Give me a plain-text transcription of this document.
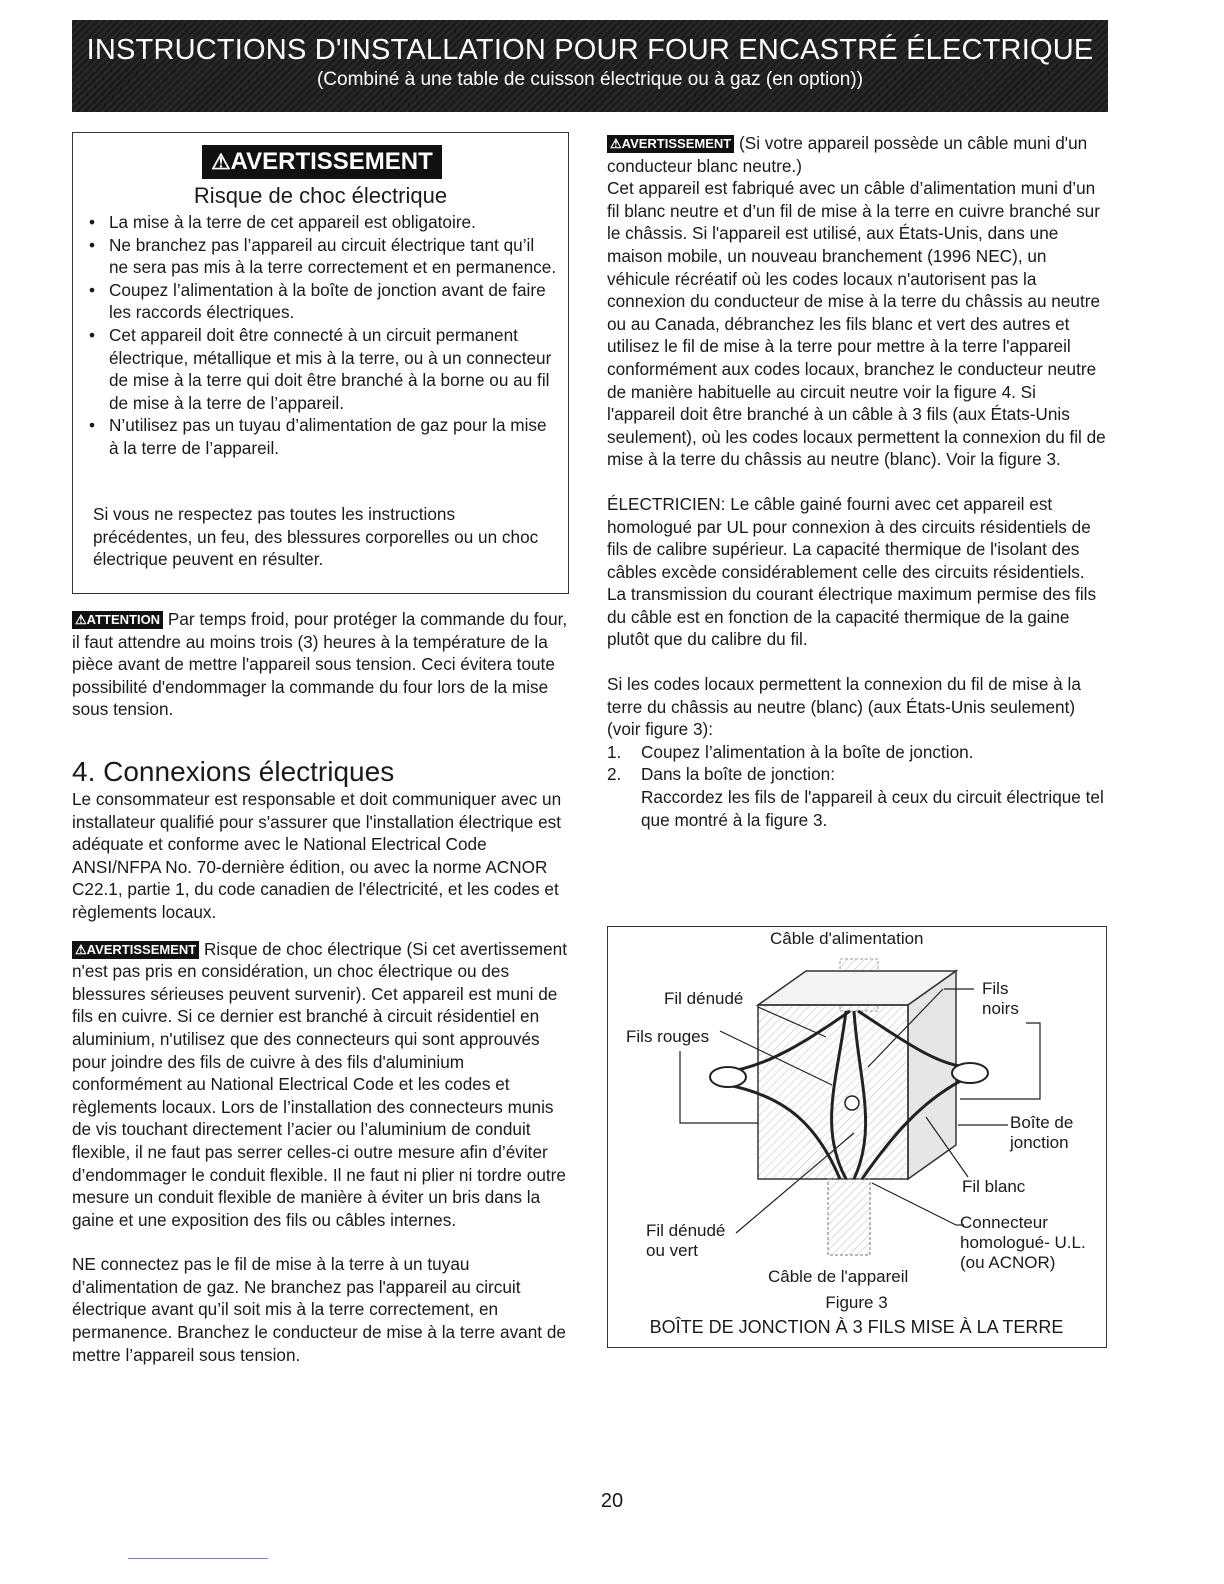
INSTRUCTIONS D'INSTALLATION POUR FOUR ENCASTRÉ ÉLECTRIQUE
(Combiné à une table de cuisson électrique ou à gaz (en option))
⚠AVERTISSEMENT
Risque de choc électrique
• La mise à la terre de cet appareil est obligatoire.
• Ne branchez pas l’appareil au circuit électrique tant qu’il ne sera pas mis à la terre correctement et en permanence.
• Coupez l’alimentation à la boîte de jonction avant de faire les raccords électriques.
• Cet appareil doit être connecté à un circuit permanent électrique, métallique et mis à la terre, ou à un connecteur de mise à la terre qui doit être branché à la borne ou au fil de mise à la terre de l’appareil.
• N’utilisez pas un tuyau d’alimentation de gaz pour la mise à la terre de l’appareil.

Si vous ne respectez pas toutes les instructions précédentes, un feu, des blessures corporelles ou un choc électrique peuvent en résulter.

⚠ATTENTION Par temps froid, pour protéger la commande du four, il faut attendre au moins trois (3) heures à la température de la pièce avant de mettre l'appareil sous tension. Ceci évitera toute possibilité d'endommager la commande du four lors de la mise sous tension.
4. Connexions électriques

Le consommateur est responsable et doit communiquer avec un installateur qualifié pour s'assurer que l'installation électrique est adéquate et conforme avec le National Electrical Code ANSI/NFPA No. 70-dernière édition, ou avec la norme ACNOR C22.1, partie 1, du code canadien de l'électricité, et les codes et règlements locaux.

⚠AVERTISSEMENT Risque de choc électrique (Si cet avertissement n'est pas pris en considération, un choc électrique ou des blessures sérieuses peuvent survenir). Cet appareil est muni de fils en cuivre. Si ce dernier est branché à circuit résidentiel en aluminium, n'utilisez que des connecteurs qui sont approuvés pour joindre des fils de cuivre à des fils d'aluminium conformément au National Electrical Code et les codes et règlements locaux. Lors de l’installation des connecteurs munis de vis touchant directement l’acier ou l’aluminium de conduit flexible, il ne faut pas serrer celles-ci outre mesure afin d’éviter d’endommager le conduit flexible. Il ne faut ni plier ni tordre outre mesure un conduit flexible de manière à éviter un bris dans la gaine et une exposition des fils ou câbles internes.

NE connectez pas le fil de mise à la terre à un tuyau d’alimentation de gaz. Ne branchez pas l'appareil au circuit électrique avant qu’il soit mis à la terre correctement, en permanence. Branchez le conducteur de mise à la terre avant de mettre l’appareil sous tension.

⚠AVERTISSEMENT (Si votre appareil possède un câble muni d'un conducteur blanc neutre.)

Cet appareil est fabriqué avec un câble d’alimentation muni d’un fil blanc neutre et d’un fil de mise à la terre en cuivre branché sur le châssis. Si l'appareil est utilisé, aux États-Unis, dans une maison mobile, un nouveau branchement (1996 NEC), un véhicule récréatif où les codes locaux n'autorisent pas la connexion du conducteur de mise à la terre du châssis au neutre ou au Canada, débranchez les fils blanc et vert des autres et utilisez le fil de mise à la terre pour mettre à la terre l'appareil conformément aux codes locaux, branchez le conducteur neutre de manière habituelle au circuit neutre voir la figure 4. Si l'appareil doit être branché à un câble à 3 fils (aux États-Unis seulement), où les codes locaux permettent la connexion du fil de mise à la terre du châssis au neutre (blanc). Voir la figure 3.

ÉLECTRICIEN: Le câble gainé fourni avec cet appareil est homologué par UL pour connexion à des circuits résidentiels de fils de calibre supérieur. La capacité thermique de l'isolant des câbles excède considérablement celle des circuits résidentiels. La transmission du courant électrique maximum permise des fils du câble est en fonction de la capacité thermique de la gaine plutôt que du calibre du fil.

Si les codes locaux permettent la connexion du fil de mise à la terre du châssis au neutre (blanc) (aux États-Unis seulement) (voir figure 3):

1. Coupez l’alimentation à la boîte de jonction.
2. Dans la boîte de jonction:
Raccordez les fils de l'appareil à ceux du circuit électrique tel que montré à la figure 3.
Câble d'alimentation
Fil dénudé
Fils
noirs
Fils rouges
Boîte de
jonction
Fil blanc
Fil dénudé
ou vert
Connecteur
homologué- U.L.
(ou ACNOR)
Câble de l'appareil
Figure 3
BOÎTE DE JONCTION À 3 FILS MISE À LA TERRE
20
